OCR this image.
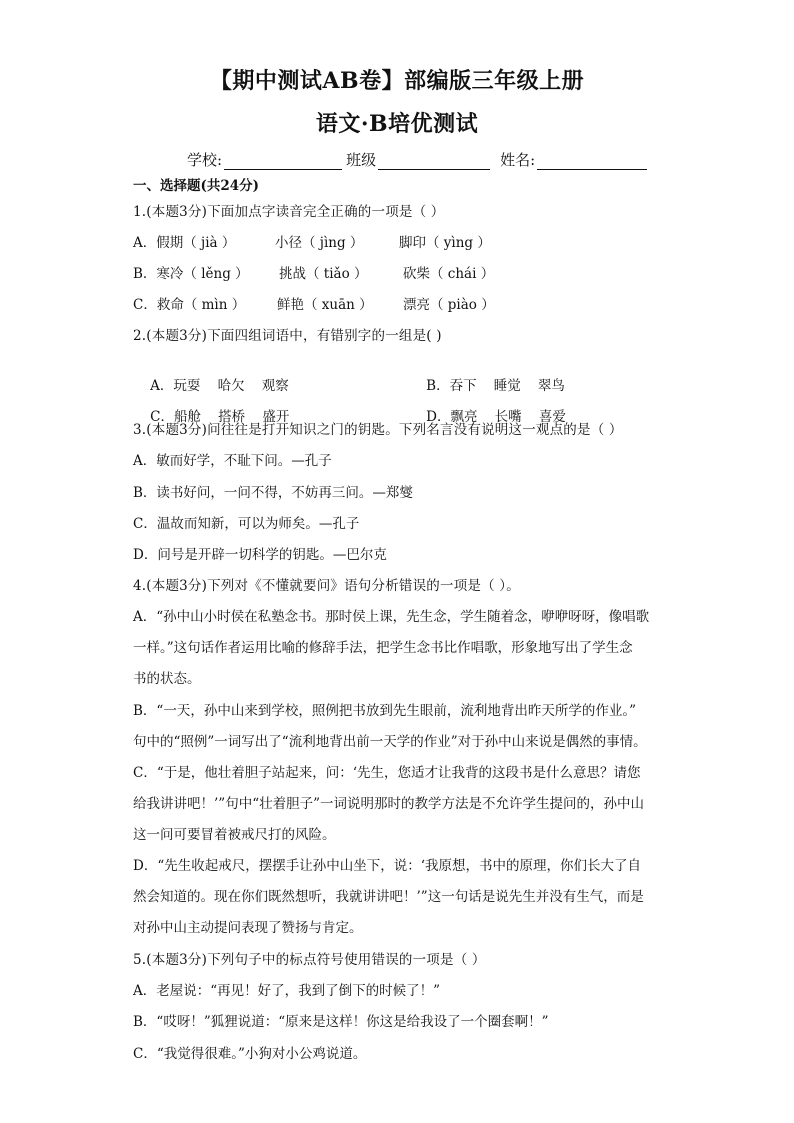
【期中测试AB卷】部编版三年级上册
语文·B培优测试
学校:	班级	姓名:
一、选择题(共24分)
1.(本题3分)下面加点字读音完全正确的一项是（ ）
A．假期（ jià ）	小径（ jìng ）	脚印（ yìng ）
B．寒冷（ lěng ） 挑战（ tiǎo ）	砍柴（ chái ）
C．救命（ mìn ） 鲜艳（ xuān ） 漂亮（ piào ）
2.(本题3分)下面四组词语中，有错别字的一组是( )

A．玩耍    哈欠    观察	B．吞下    睡觉    翠鸟

C．船舱    搭桥    盛开	D．飘亮    长嘴    喜爱

3.(本题3分)问往往是打开知识之门的钥匙。下列名言没有说明这一观点的是（ ）
A．敏而好学，不耻下问。—孔子
B．读书好问，一问不得，不妨再三问。—郑燮
C．温故而知新，可以为师矣。—孔子
D．问号是开辟一切科学的钥匙。—巴尔克
4.(本题3分)下列对《不懂就要问》语句分析错误的一项是（ ）。
A．“孙中山小时侯在私塾念书。那时侯上课，先生念，学生随着念，咿咿呀呀，像唱歌
一样。”这句话作者运用比喻的修辞手法，把学生念书比作唱歌，形象地写出了学生念
书的状态。
B．“一天，孙中山来到学校，照例把书放到先生眼前，流利地背出昨天所学的作业。”
句中的“照例”一词写出了“流利地背出前一天学的作业”对于孙中山来说是偶然的事情。
C．“于是，他壮着胆子站起来，问：‘先生，您适才让我背的这段书是什么意思？请您
给我讲讲吧！’”句中“壮着胆子”一词说明那时的教学方法是不允许学生提问的，孙中山
这一问可要冒着被戒尺打的风险。
D．“先生收起戒尺，摆摆手让孙中山坐下，说：‘我原想，书中的原理，你们长大了自
然会知道的。现在你们既然想听，我就讲讲吧！’”这一句话是说先生并没有生气，而是
对孙中山主动提问表现了赞扬与肯定。
5.(本题3分)下列句子中的标点符号使用错误的一项是（ ）
A．老屋说：“再见！好了，我到了倒下的时候了！”
B．“哎呀！”狐狸说道：“原来是这样！你这是给我设了一个圈套啊！”
C．“我觉得很难。”小狗对小公鸡说道。
